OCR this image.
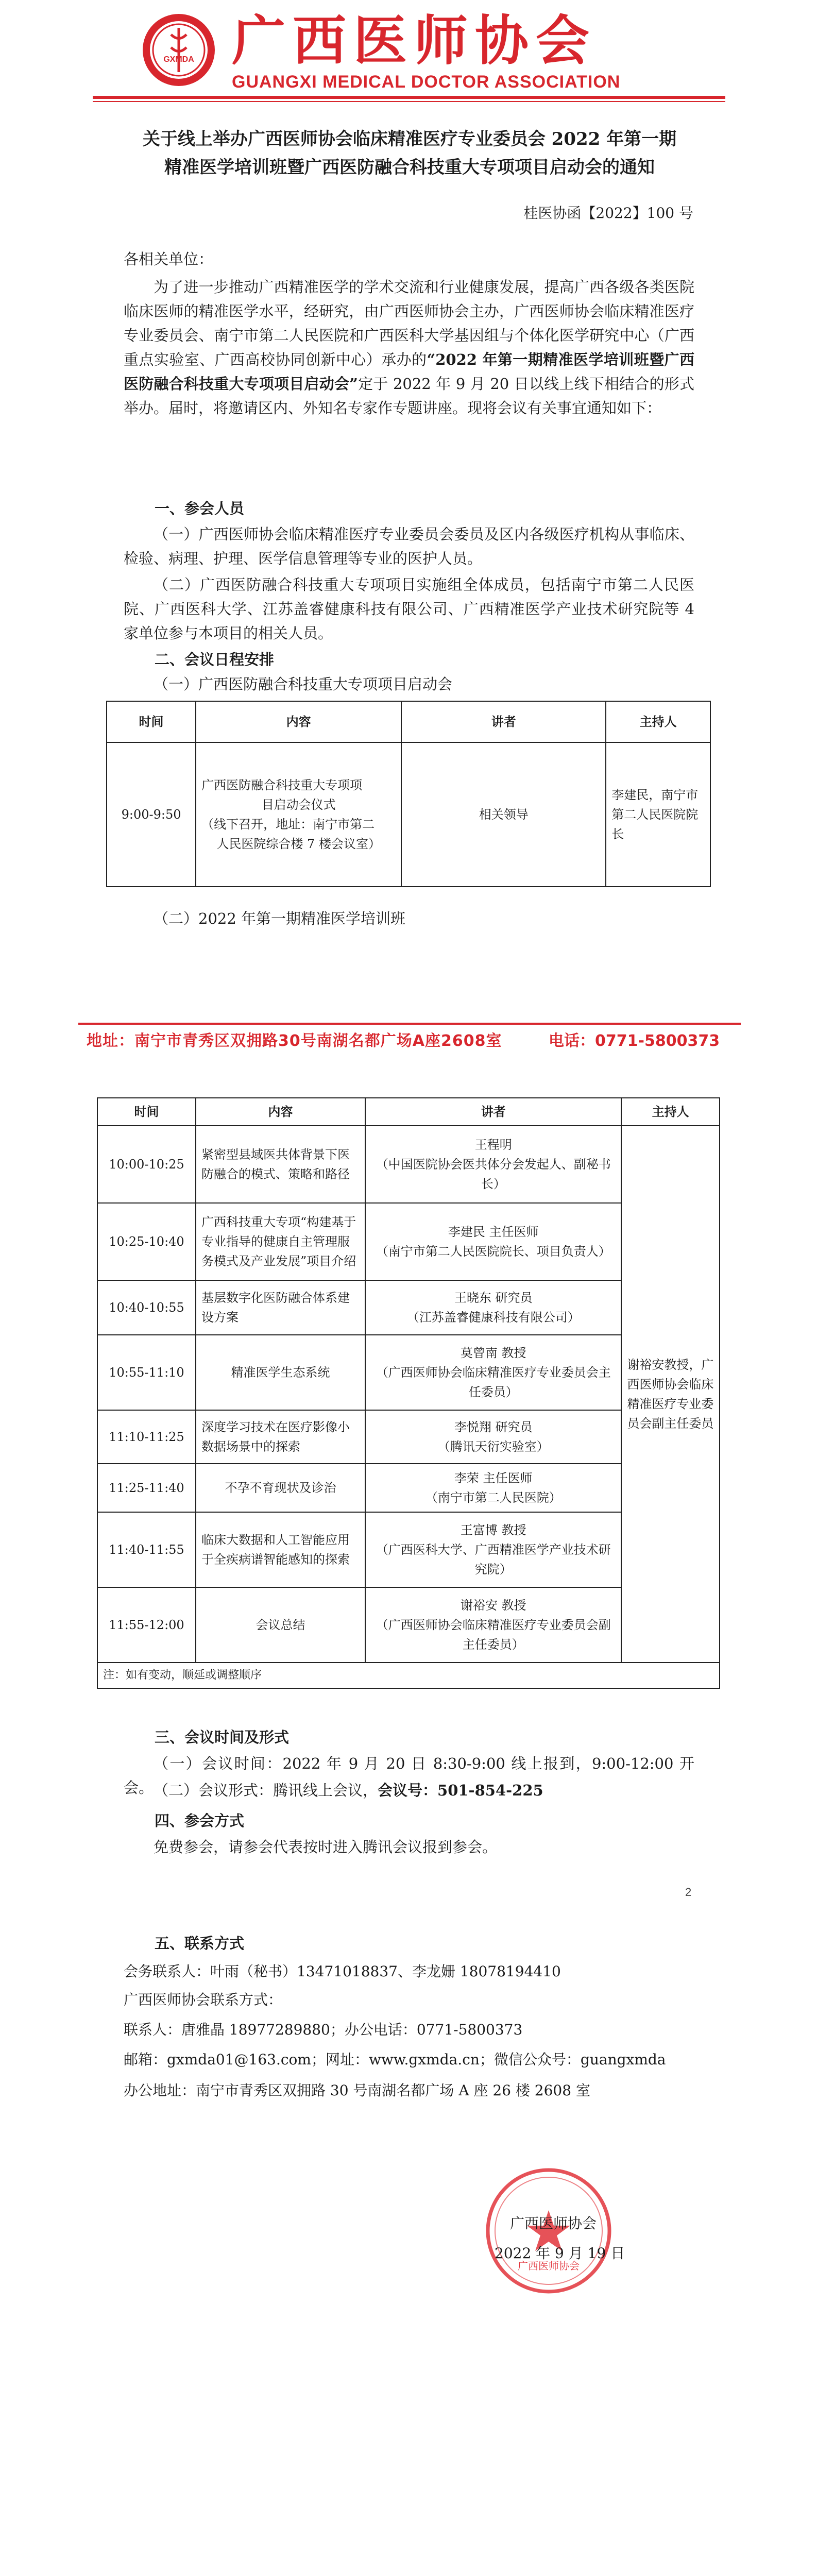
GXMDA 广西医师协会
GUANGXI MEDICAL DOCTOR ASSOCIATION
关于线上举办广西医师协会临床精准医疗专业委员会 2022 年第一期
精准医学培训班暨广西医防融合科技重大专项项目启动会的通知
桂医协函【2022】100 号
各相关单位：
为了进一步推动广西精准医学的学术交流和行业健康发展，提高广西各级各类医院临床医师的精准医学水平，经研究，由广西医师协会主办，广西医师协会临床精准医疗专业委员会、南宁市第二人民医院和广西医科大学基因组与个体化医学研究中心（广西重点实验室、广西高校协同创新中心）承办的“2022 年第一期精准医学培训班暨广西医防融合科技重大专项项目启动会”定于 2022 年 9 月 20 日以线上线下相结合的形式举办。届时，将邀请区内、外知名专家作专题讲座。现将会议有关事宜通知如下：
一、参会人员
（一）广西医师协会临床精准医疗专业委员会委员及区内各级医疗机构从事临床、检验、病理、护理、医学信息管理等专业的医护人员。
（二）广西医防融合科技重大专项项目实施组全体成员，包括南宁市第二人民医院、广西医科大学、江苏盖睿健康科技有限公司、广西精准医学产业技术研究院等 4 家单位参与本项目的相关人员。
二、会议日程安排
（一）广西医防融合科技重大专项项目启动会
时间	内容	讲者	主持人
9:00-9:50	广西医防融合科技重大专项项
目启动会仪式
（线下召开，地址：南宁市第二
人民医院综合楼 7 楼会议室）	相关领导	李建民，南宁市第二人民医院院长
（二）2022 年第一期精准医学培训班
地址：南宁市青秀区双拥路30号南湖名都广场A座2608室	电话：0771-5800373
时间	内容	讲者	主持人
10:00-10:25	紧密型县域医共体背景下医防融合的模式、策略和路径	王程明
（中国医院协会医共体分会发起人、副秘书长）	谢裕安教授，广西医师协会临床精准医疗专业委员会副主任委员
10:25-10:40	广西科技重大专项“构建基于专业指导的健康自主管理服务模式及产业发展”项目介绍	李建民 主任医师
（南宁市第二人民医院院长、项目负责人）	

10:40-10:55	基层数字化医防融合体系建设方案	王晓东 研究员
（江苏盖睿健康科技有限公司）	

10:55-11:10	精准医学生态系统	莫曾南 教授
（广西医师协会临床精准医疗专业委员会主任委员）	

11:10-11:25	深度学习技术在医疗影像小数据场景中的探索	李悦翔 研究员
（腾讯天衍实验室）	

11:25-11:40	不孕不育现状及诊治	李荣 主任医师
（南宁市第二人民医院）	

11:40-11:55	临床大数据和人工智能应用于全疾病谱智能感知的探索	王富博 教授
（广西医科大学、广西精准医学产业技术研究院）	

11:55-12:00	会议总结	谢裕安 教授
（广西医师协会临床精准医疗专业委员会副主任委员）	

注：如有变动，顺延或调整顺序			
三、会议时间及形式
（一）会议时间：2022 年 9 月 20 日 8:30-9:00 线上报到，9:00-12:00 开会。 （二）会议形式：腾讯线上会议，会议号：501-854-225
四、参会方式
免费参会，请参会代表按时进入腾讯会议报到参会。
2
五、联系方式
会务联系人：叶雨（秘书）13471018837、李龙姗 18078194410
广西医师协会联系方式：
联系人：唐雅晶 18977289880；办公电话：0771-5800373
邮箱：gxmda01@163.com；网址：www.gxmda.cn；微信公众号：guangxmda
办公地址：南宁市青秀区双拥路 30 号南湖名都广场 A 座 26 楼 2608 室
广西医师协会
广西医师协会
2022 年 9 月 19 日
